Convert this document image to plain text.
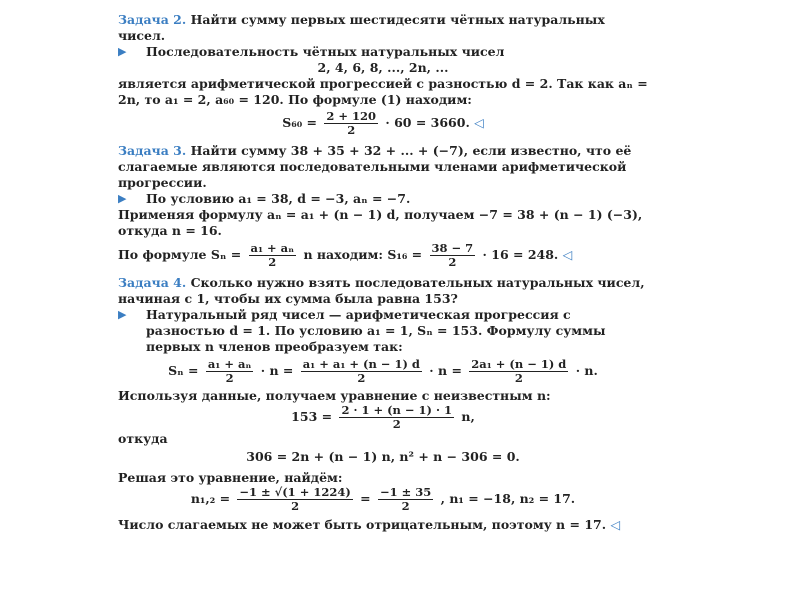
Задача 2. Найти сумму первых шестидесяти чётных натуральных чисел.
▶ Последовательность чётных натуральных чисел
2, 4, 6, 8, ..., 2n, ...
является арифметической прогрессией с разностью d = 2. Так как aₙ = 2n, то a₁ = 2, a₆₀ = 120. По формуле (1) находим:
$S_{60} = \frac{2 + 120}{2} \cdot 60 = 3660$. ◁
Задача 3. Найти сумму 38 + 35 + 32 + ... + (−7), если известно, что её слагаемые являются последовательными членами арифметической прогрессии.
▶ По условию a₁ = 38, d = −3, aₙ = −7.
Применяя формулу aₙ = a₁ + (n − 1) d, получаем −7 = 38 + (n − 1) (−3), откуда n = 16.
По формуле $S_n = \frac{\text{a₁ + aₙ}}{2}$ n находим: $S_{16} = \frac{38 - 7}{2} \cdot 16 = 248$. ◁
Задача 4. Сколько нужно взять последовательных натуральных чисел, начиная с 1, чтобы их сумма была равна 153?
▶ Натуральный ряд чисел — арифметическая прогрессия с разностью d = 1. По условию a₁ = 1, Sₙ = 153. Формулу суммы первых n членов преобразуем так:
$S_n = \frac{\text{a₁ + aₙ}}{2} \cdot n = \frac{\text{a₁ + a₁ + (n − 1) d}}{2} \cdot n = \frac{\text{2a₁ + (n − 1) d}}{2} \cdot n$.
Используя данные, получаем уравнение с неизвестным n:
$153 = \frac{2 \cdot 1 + (n - 1) \cdot 1}{2} n$,
откуда
306 = 2n + (n − 1) n, n² + n − 306 = 0.
Решая это уравнение, найдём:
$n_1,_2 = \frac{-1 \pm √(1 + 1224)}{2} = \frac{-1 \pm 35}{2}$ , n₁ = −18, n₂ = 17.
Число слагаемых не может быть отрицательным, поэтому n = 17. ◁
